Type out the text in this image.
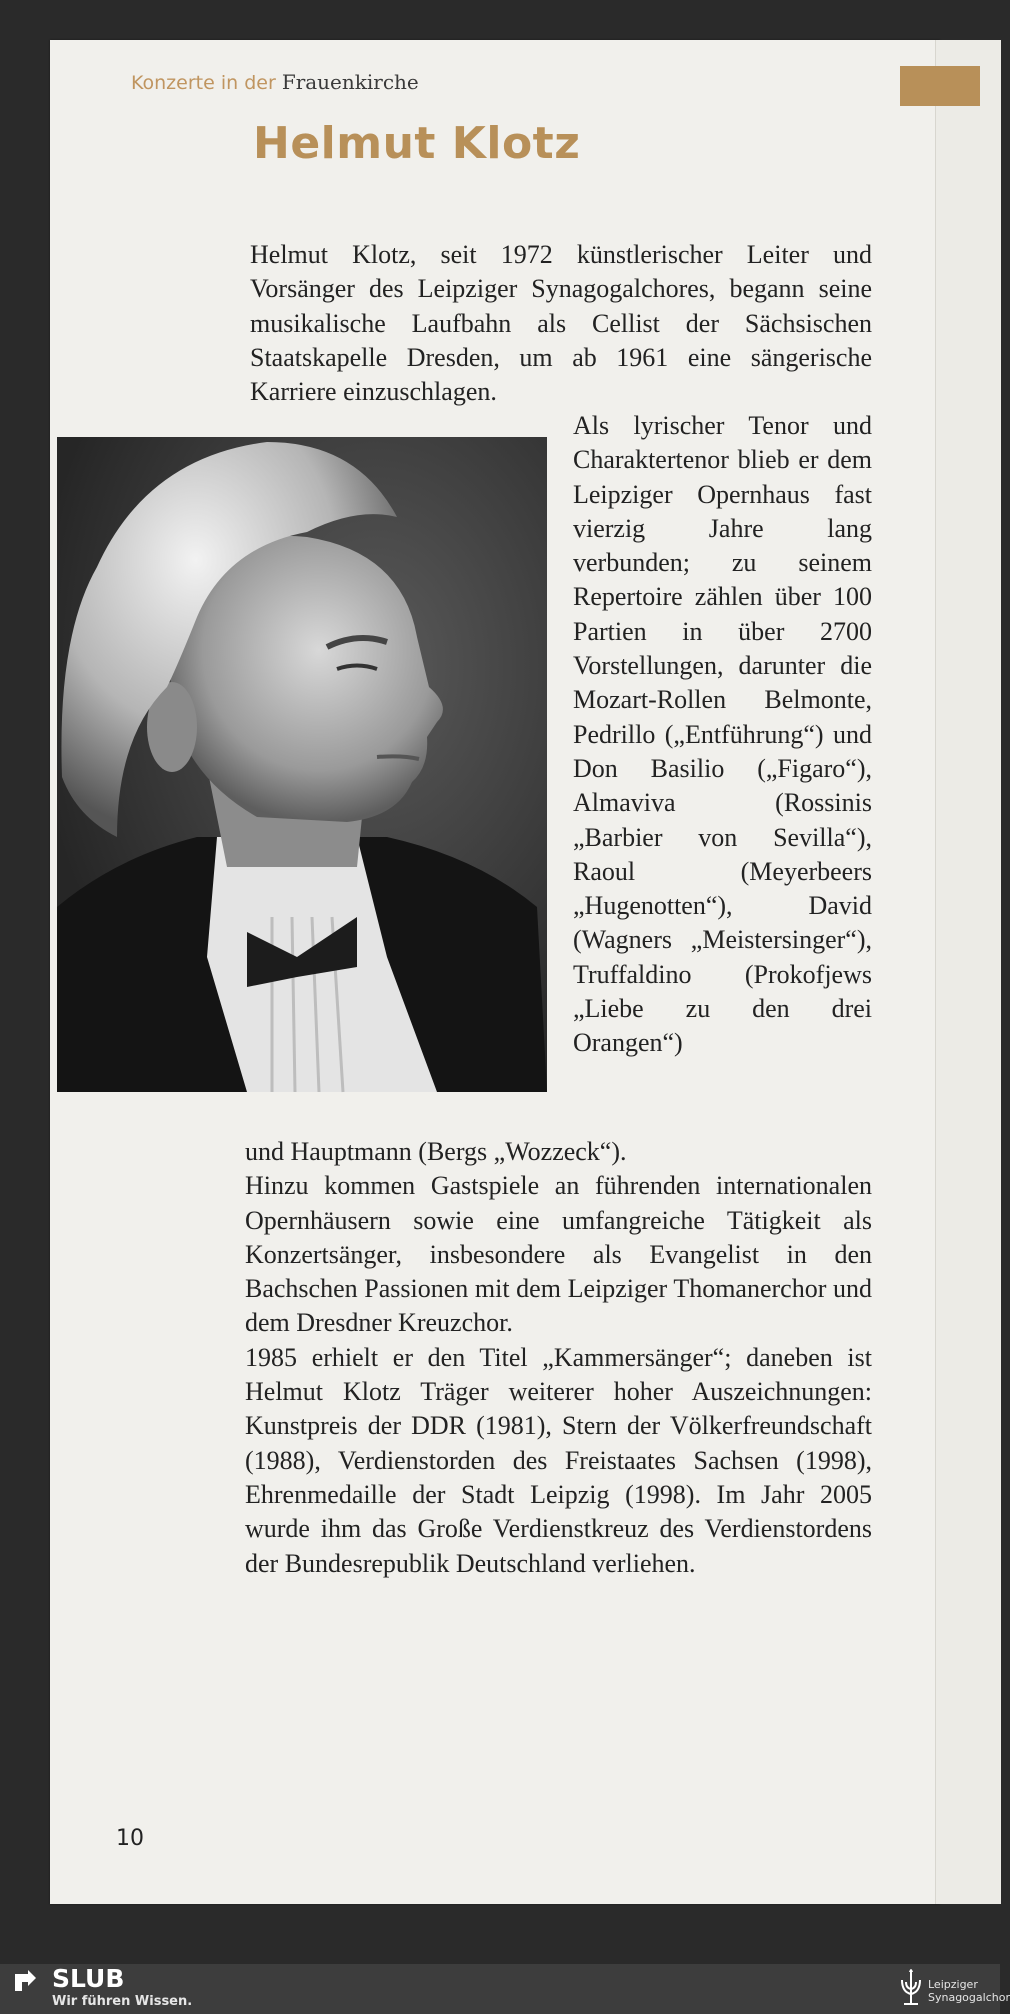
Konzerte in der Frauenkirche
Helmut Klotz
Helmut Klotz, seit 1972 künstlerischer Leiter und Vorsänger des Leipziger Synagogalchores, begann seine musikalische Laufbahn als Cellist der Sächsischen Staatskapelle Dresden, um ab 1961 eine sängerische Karriere einzuschlagen.
Als lyrischer Tenor und Charaktertenor blieb er dem Leipziger Opernhaus fast vierzig Jahre lang verbunden; zu seinem Repertoire zählen über 100 Partien in über 2700 Vorstellungen, darunter die Mozart-Rollen Belmonte, Pedrillo („Entführung“) und Don Basilio („Figaro“), Almaviva (Rossinis „Barbier von Sevilla“), Raoul (Meyerbeers „Hugenotten“), David (Wagners „Meistersinger“), Truffaldino (Prokofjews „Liebe zu den drei Orangen“)
und Hauptmann (Bergs „Wozzeck“).
Hinzu kommen Gastspiele an führenden internationalen Opernhäusern sowie eine umfangreiche Tätigkeit als Konzertsänger, insbesondere als Evangelist in den Bachschen Passionen mit dem Leipziger Thomanerchor und dem Dresdner Kreuzchor.
1985 erhielt er den Titel „Kammersänger“; daneben ist Helmut Klotz Träger weiterer hoher Auszeichnungen: Kunstpreis der DDR (1981), Stern der Völkerfreundschaft (1988), Verdienstorden des Freistaates Sachsen (1998), Ehrenmedaille der Stadt Leipzig (1998). Im Jahr 2005 wurde ihm das Große Verdienstkreuz des Verdienstordens der Bundesrepublik Deutschland verliehen.
10
SLUB
Wir führen Wissen.
Leipziger
Synagogalchor
